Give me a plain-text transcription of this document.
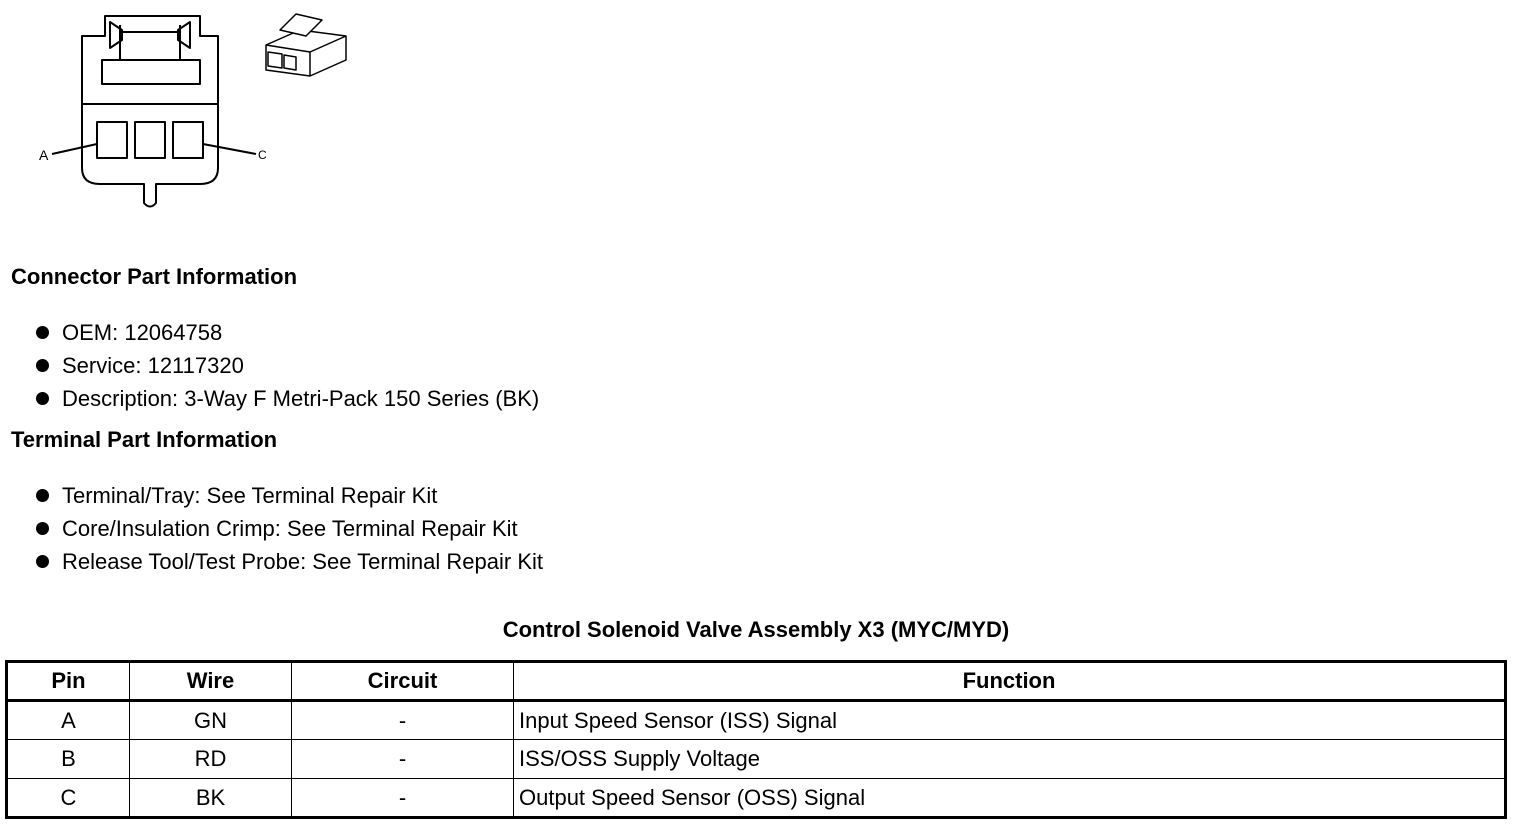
A	C
Connector Part Information
OEM: 12064758
Service: 12117320
Description: 3-Way F Metri-Pack 150 Series (BK)
Terminal Part Information
Terminal/Tray: See Terminal Repair Kit
Core/Insulation Crimp: See Terminal Repair Kit
Release Tool/Test Probe: See Terminal Repair Kit
Control Solenoid Valve Assembly X3 (MYC/MYD)
Pin	Wire	Circuit	Function
A	GN	-	Input Speed Sensor (ISS) Signal
B	RD	-	ISS/OSS Supply Voltage
C	BK	-	Output Speed Sensor (OSS) Signal
